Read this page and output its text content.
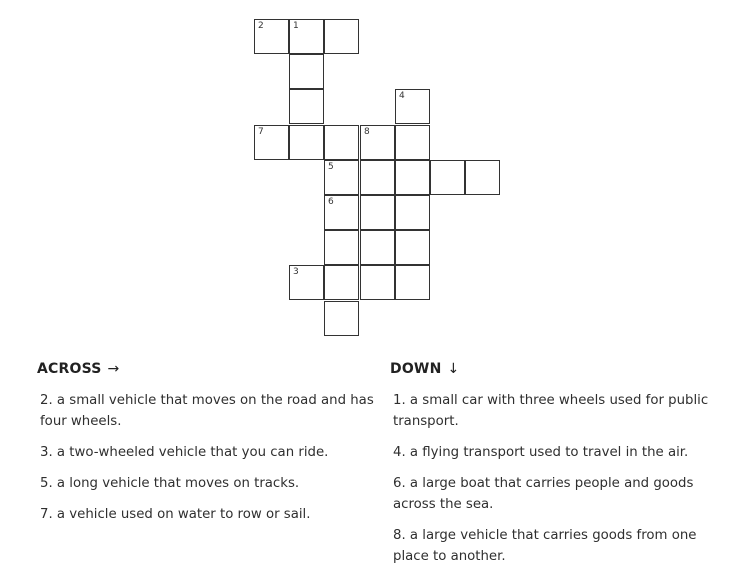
2	1
4
7	8
5
6
3
ACROSS →
2. a small vehicle that moves on the road and has four wheels.
3. a two-wheeled vehicle that you can ride.
5. a long vehicle that moves on tracks.
7. a vehicle used on water to row or sail.
DOWN ↓
1. a small car with three wheels used for public transport.
4. a flying transport used to travel in the air.
6. a large boat that carries people and goods across the sea.
8. a large vehicle that carries goods from one place to another.
